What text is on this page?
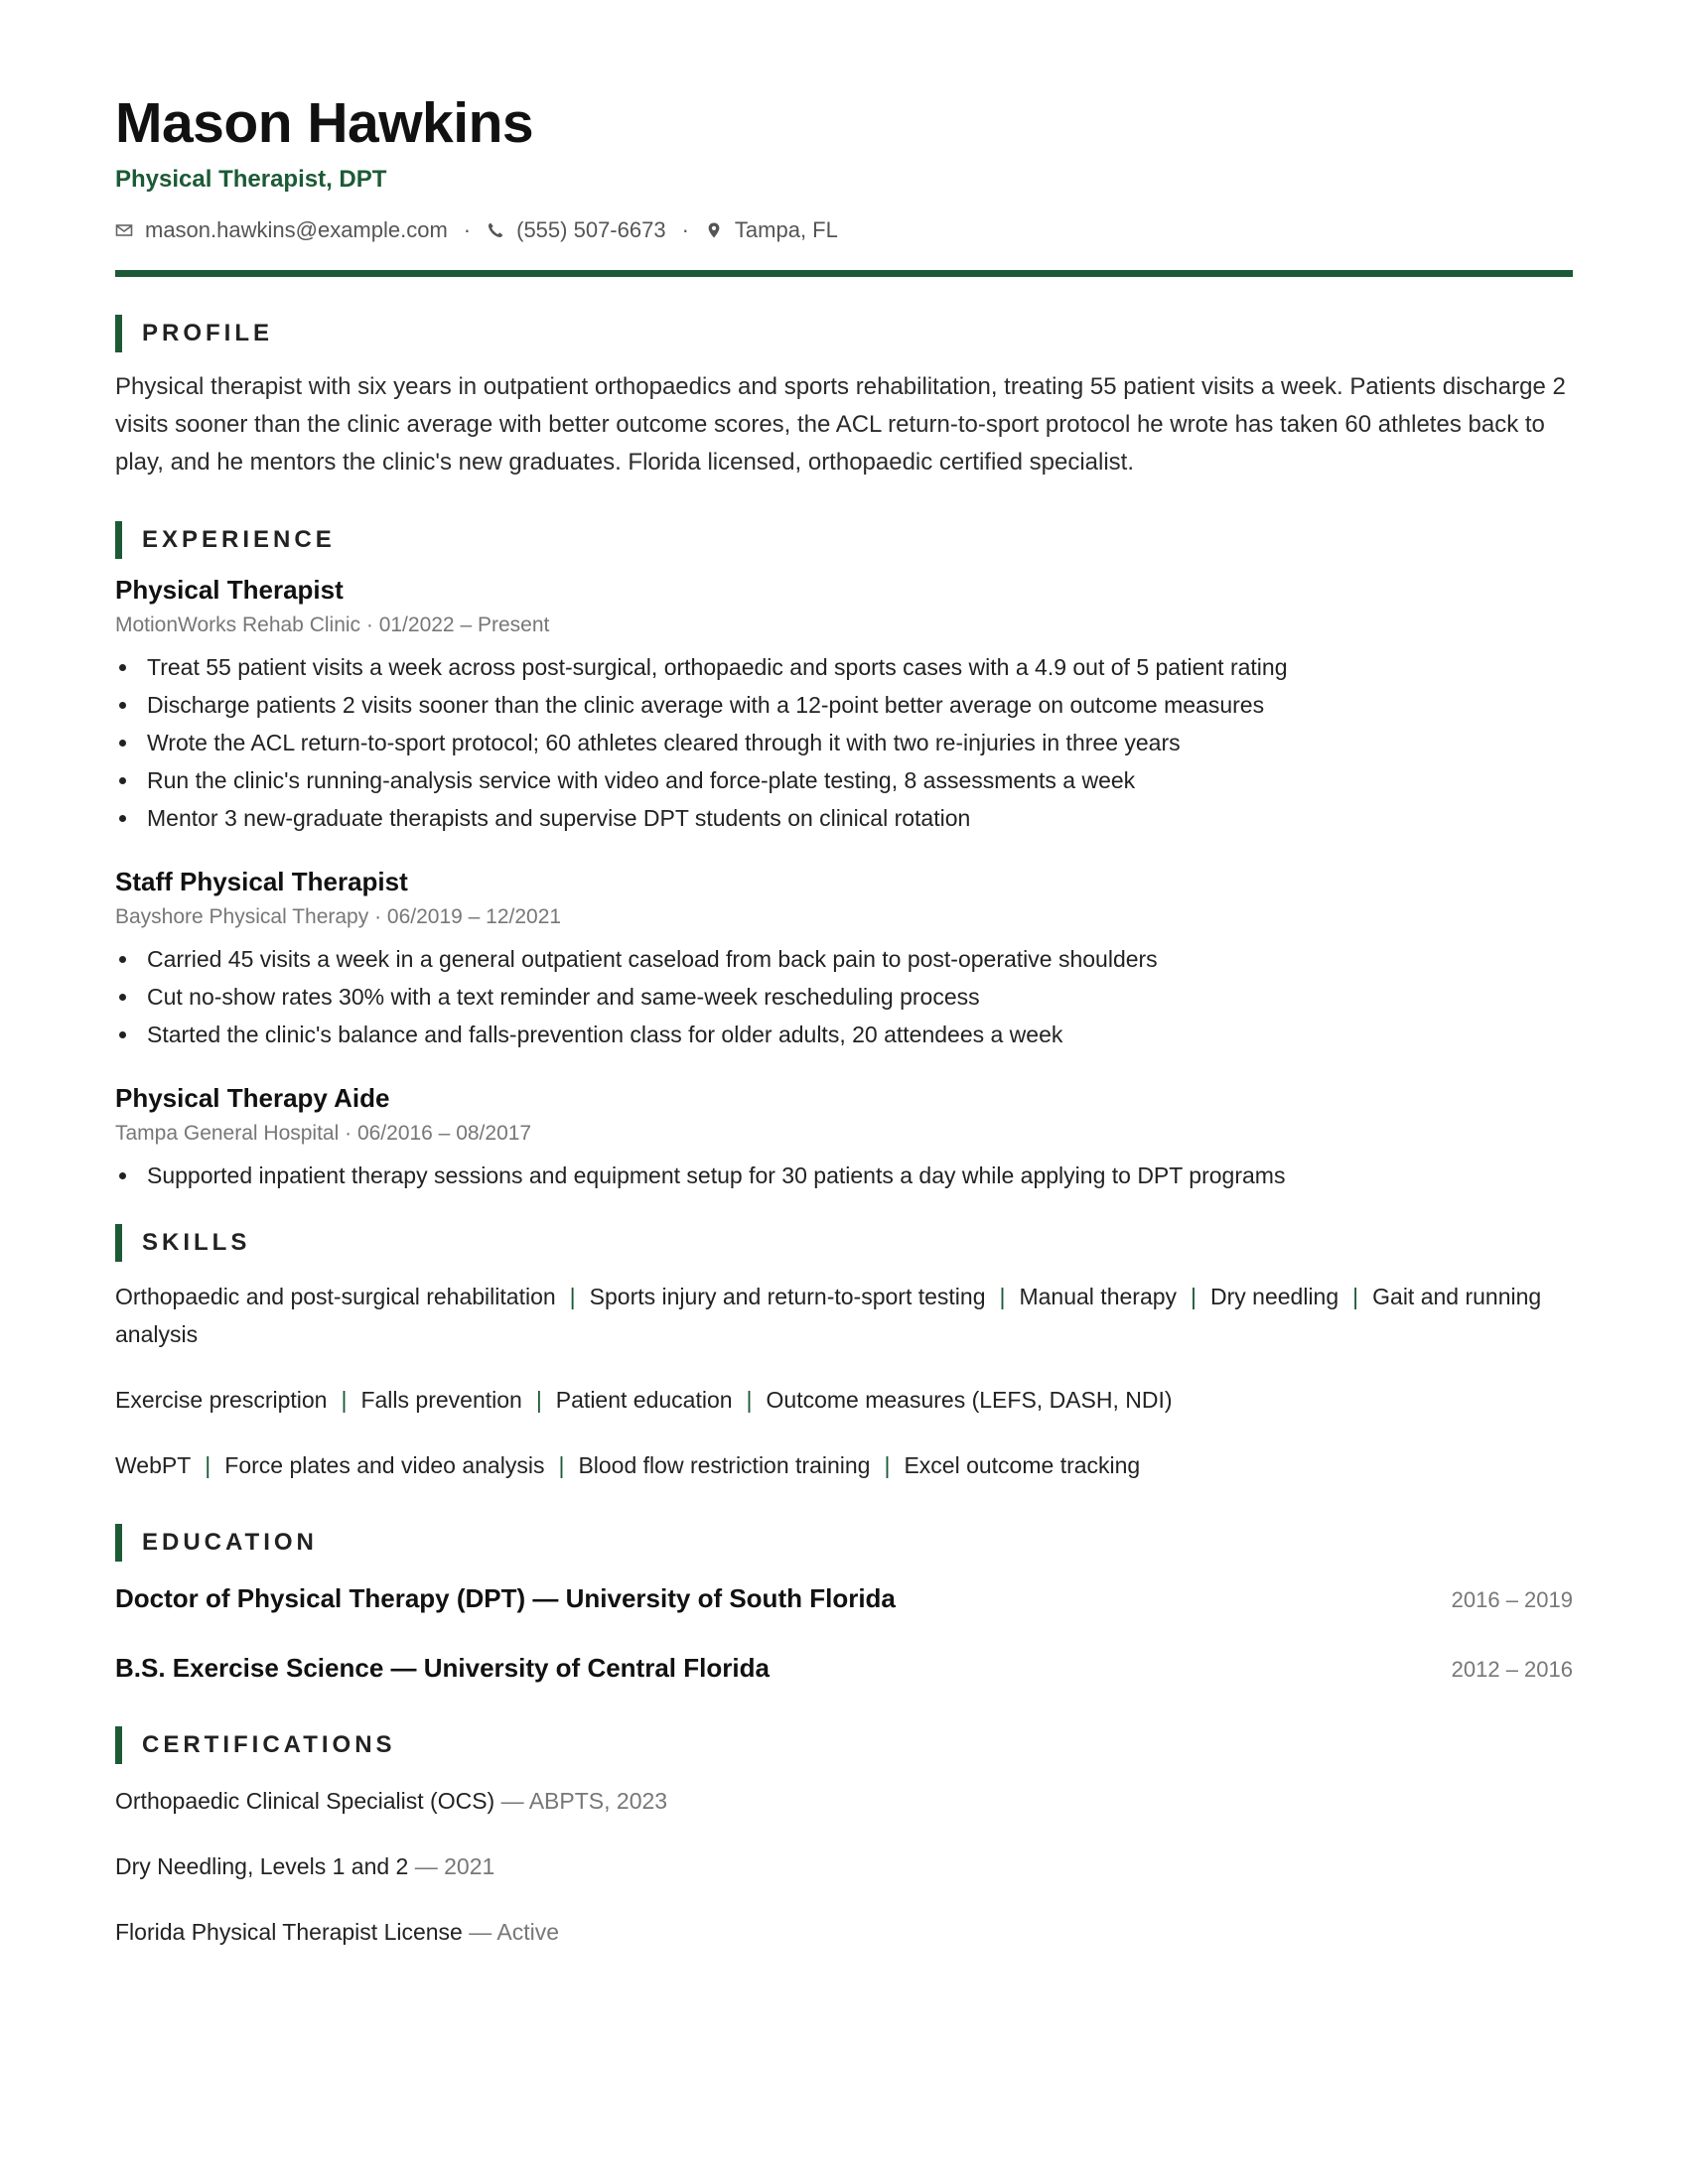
Mason Hawkins
Physical Therapist, DPT
mason.hawkins@example.com · (555) 507-6673 · Tampa, FL
PROFILE

Physical therapist with six years in outpatient orthopaedics and sports rehabilitation, treating 55 patient visits a week. Patients discharge 2 visits sooner than the clinic average with better outcome scores, the ACL return-to-sport protocol he wrote has taken 60 athletes back to play, and he mentors the clinic's new graduates. Florida licensed, orthopaedic certified specialist.

EXPERIENCE
Physical Therapist
MotionWorks Rehab Clinic · 01/2022 – Present
Treat 55 patient visits a week across post-surgical, orthopaedic and sports cases with a 4.9 out of 5 patient rating
Discharge patients 2 visits sooner than the clinic average with a 12-point better average on outcome measures
Wrote the ACL return-to-sport protocol; 60 athletes cleared through it with two re-injuries in three years
Run the clinic's running-analysis service with video and force-plate testing, 8 assessments a week
Mentor 3 new-graduate therapists and supervise DPT students on clinical rotation
Staff Physical Therapist
Bayshore Physical Therapy · 06/2019 – 12/2021
Carried 45 visits a week in a general outpatient caseload from back pain to post-operative shoulders
Cut no-show rates 30% with a text reminder and same-week rescheduling process
Started the clinic's balance and falls-prevention class for older adults, 20 attendees a week
Physical Therapy Aide
Tampa General Hospital · 06/2016 – 08/2017
Supported inpatient therapy sessions and equipment setup for 30 patients a day while applying to DPT programs
SKILLS
Orthopaedic and post-surgical rehabilitation | Sports injury and return-to-sport testing | Manual therapy | Dry needling | Gait and running analysis
Exercise prescription | Falls prevention | Patient education | Outcome measures (LEFS, DASH, NDI)
WebPT | Force plates and video analysis | Blood flow restriction training | Excel outcome tracking
EDUCATION
Doctor of Physical Therapy (DPT) — University of South Florida	2016 – 2019
B.S. Exercise Science — University of Central Florida	2012 – 2016
CERTIFICATIONS
Orthopaedic Clinical Specialist (OCS) — ABPTS, 2023
Dry Needling, Levels 1 and 2 — 2021
Florida Physical Therapist License — Active
